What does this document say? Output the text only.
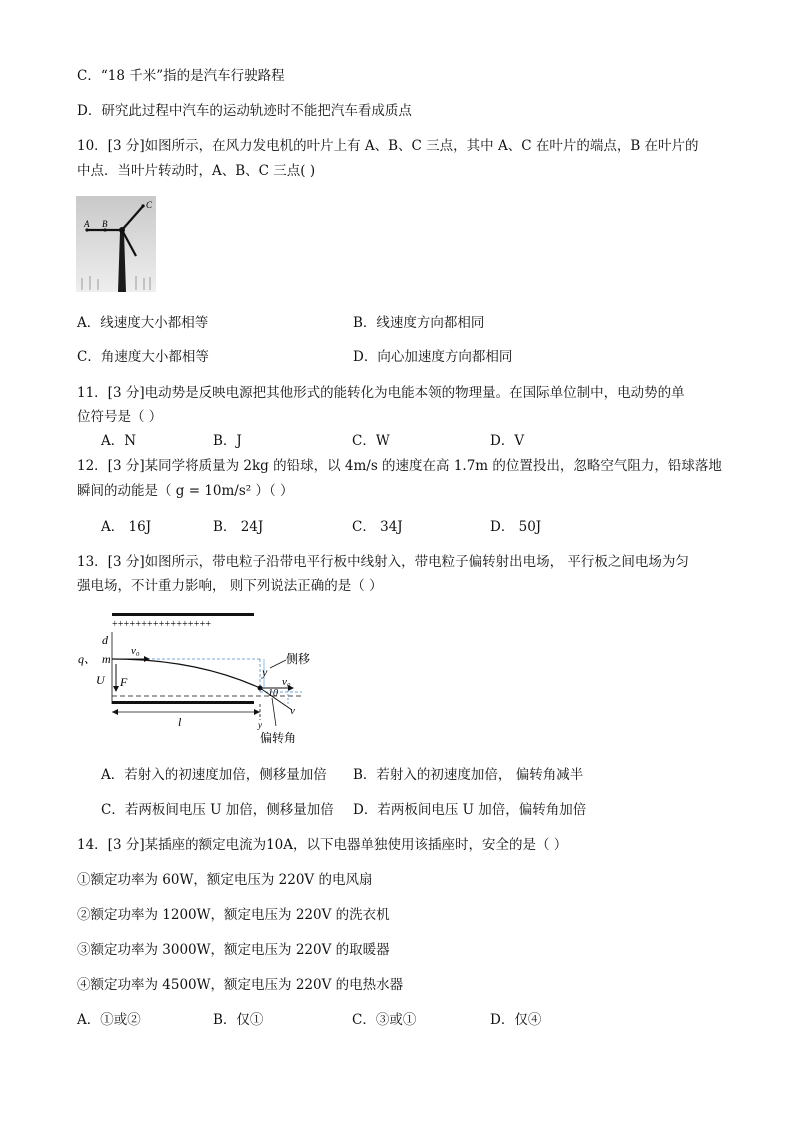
C．“18 千米”指的是汽车行驶路程
D．研究此过程中汽车的运动轨迹时不能把汽车看成质点
10．[3 分]如图所示，在风力发电机的叶片上有 A、B、C 三点，其中 A、C 在叶片的端点，B 在叶片的
中点．当叶片转动时，A、B、C 三点( )
A B
C
A．线速度大小都相等	B．线速度方向都相同
C．角速度大小都相等	D．向心加速度方向都相同
11．[3 分]电动势是反映电源把其他形式的能转化为电能本领的物理量。在国际单位制中，电动势的单
位符号是（ ）
A．N	B．J	C．W	D．V
12．[3 分]某同学将质量为 2kg 的铅球，以 4m/s 的速度在高 1.7m 的位置投出，忽略空气阻力，铅球落地
瞬间的动能是（ g = 10m/s² ）（ ）
A． 16J	B． 24J	C． 34J	D． 50J
13．[3 分]如图所示，带电粒子沿带电平行板中线射入，带电粒子偏转射出电场， 平行板之间电场为匀
强电场，不计重力影响， 则下列说法正确的是（ ）
+++++++++++++++++
d
q、 m
v₀
U F
l
y
y
侧移
v₀
10
v
偏转角
A．若射入的初速度加倍，侧移量加倍 B．若射入的初速度加倍， 偏转角减半
C．若两板间电压 U 加倍，侧移量加倍 D．若两板间电压 U 加倍，偏转角加倍
14．[3 分]某插座的额定电流为10A，以下电器单独使用该插座时，安全的是（ ）
①额定功率为 60W，额定电压为 220V 的电风扇
②额定功率为 1200W，额定电压为 220V 的洗衣机
③额定功率为 3000W，额定电压为 220V 的取暖器
④额定功率为 4500W，额定电压为 220V 的电热水器
A．①或②	B．仅①	C．③或①	D．仅④
